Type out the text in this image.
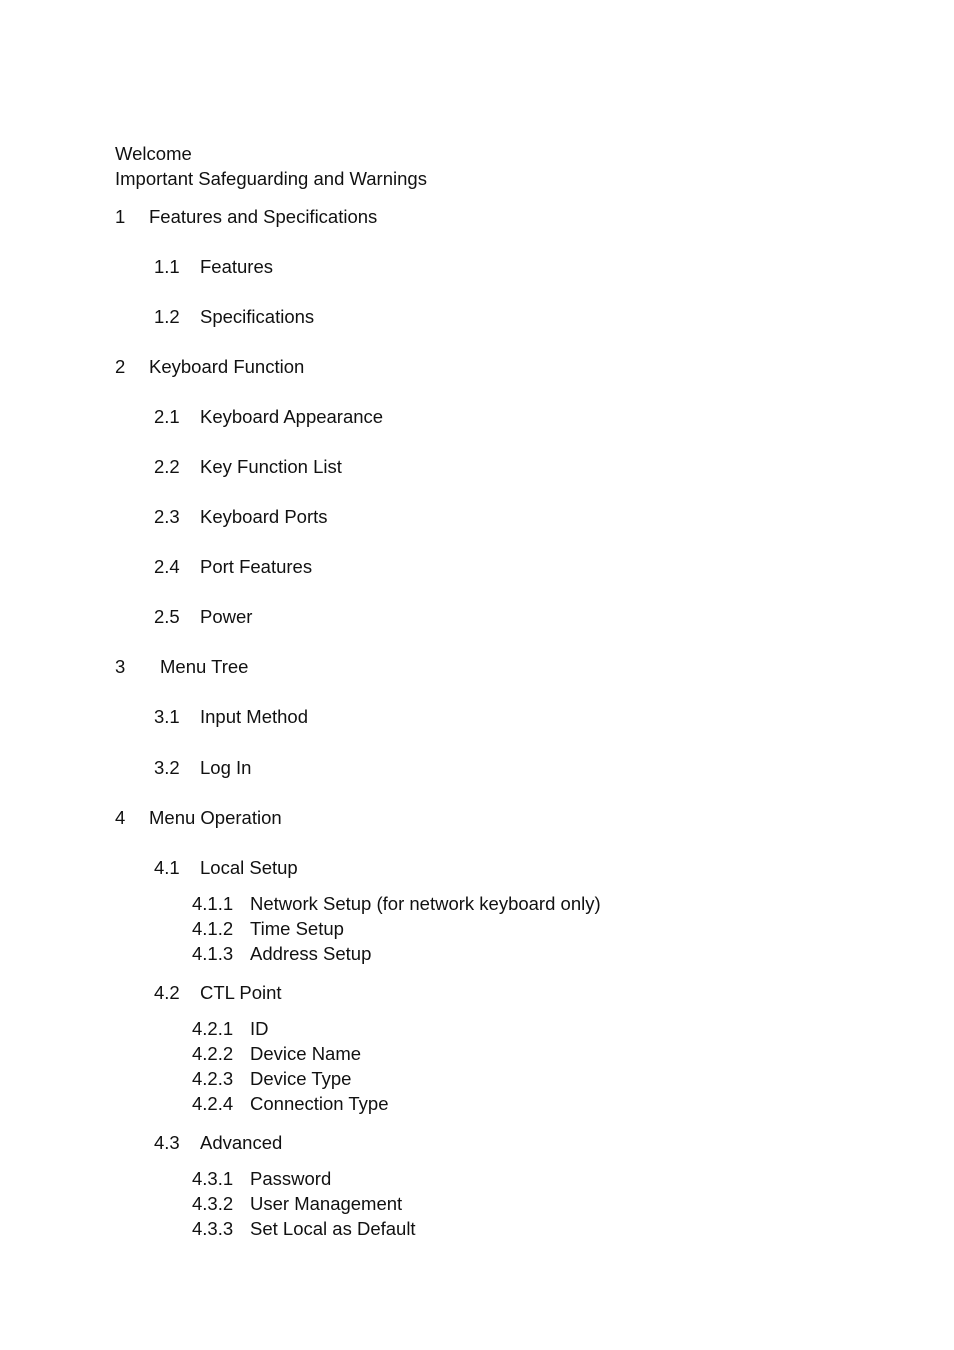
Welcome
Important Safeguarding and Warnings
1 Features and Specifications
1.1 Features
1.2 Specifications
2 Keyboard Function
2.1 Keyboard Appearance
2.2 Key Function List
2.3 Keyboard Ports
2.4 Port Features
2.5 Power
3 Menu Tree
3.1 Input Method
3.2 Log In
4 Menu Operation
4.1 Local Setup
4.1.1 Network Setup (for network keyboard only)
4.1.2 Time Setup
4.1.3 Address Setup
4.2 CTL Point
4.2.1 ID
4.2.2 Device Name
4.2.3 Device Type
4.2.4 Connection Type
4.3 Advanced
4.3.1 Password
4.3.2 User Management
4.3.3 Set Local as Default
